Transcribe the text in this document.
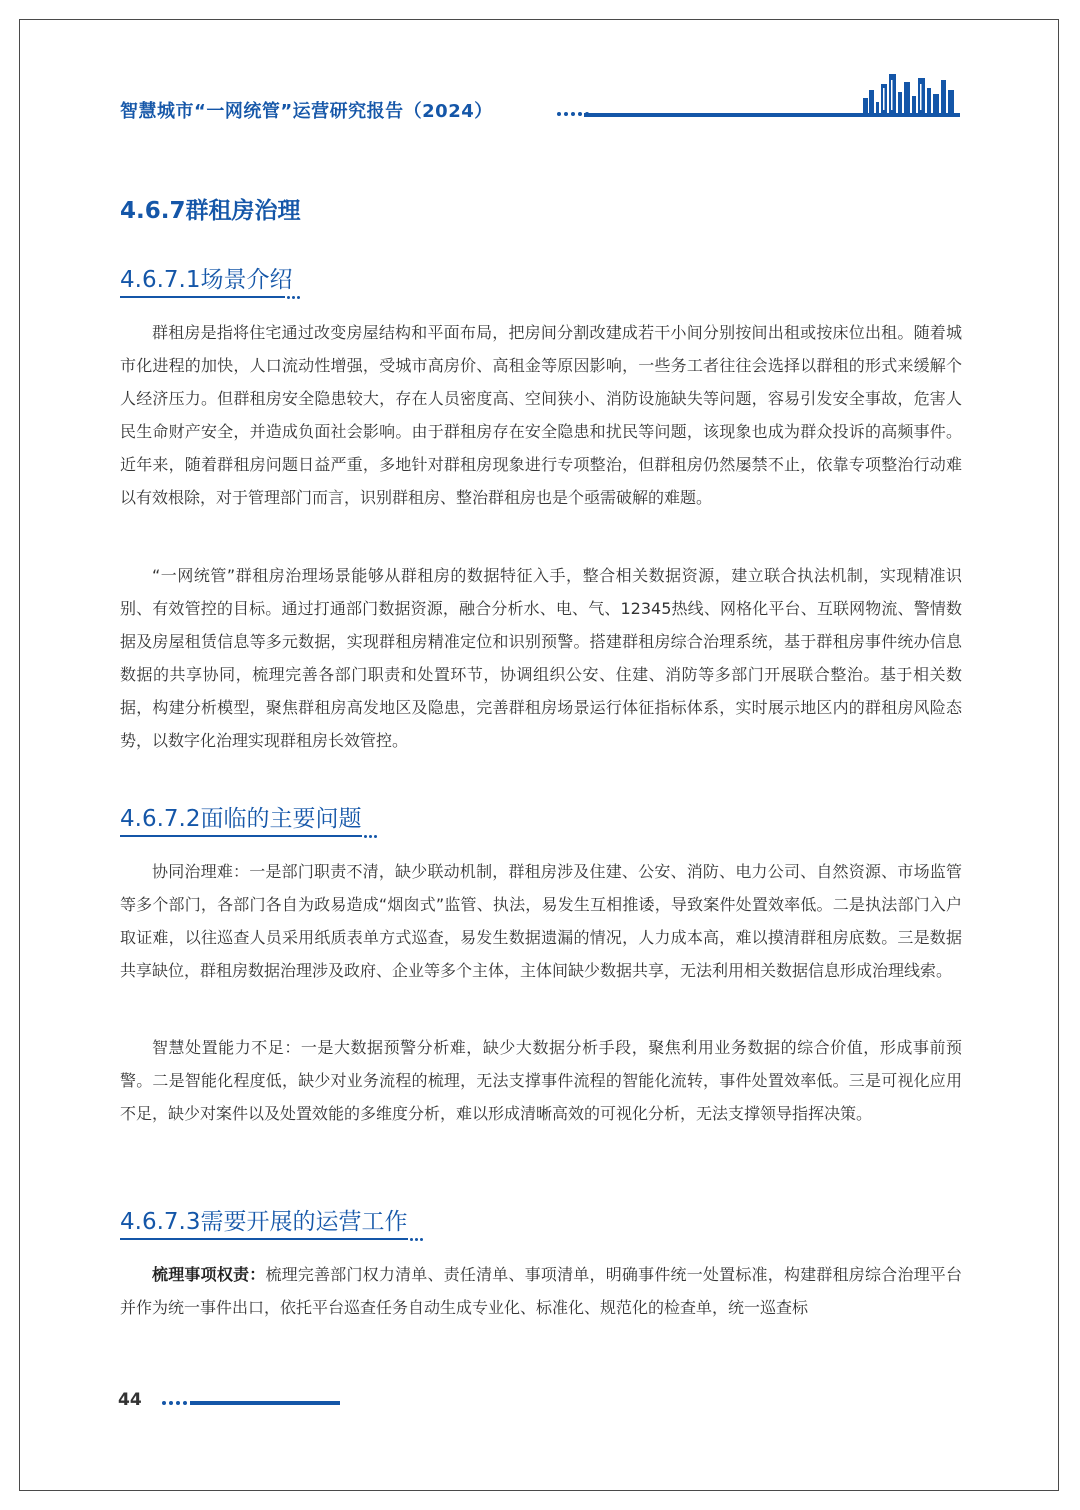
智慧城市“一网统管”运营研究报告（2024）
4.6.7群租房治理
4.6.7.1场景介绍

群租房是指将住宅通过改变房屋结构和平面布局，把房间分割改建成若干小间分别按间出租或按床位出租。随着城市化进程的加快，人口流动性增强，受城市高房价、高租金等原因影响，一些务工者往往会选择以群租的形式来缓解个人经济压力。但群租房安全隐患较大，存在人员密度高、空间狭小、消防设施缺失等问题，容易引发安全事故，危害人民生命财产安全，并造成负面社会影响。由于群租房存在安全隐患和扰民等问题，该现象也成为群众投诉的高频事件。近年来，随着群租房问题日益严重，多地针对群租房现象进行专项整治，但群租房仍然屡禁不止，依靠专项整治行动难以有效根除，对于管理部门而言，识别群租房、整治群租房也是个亟需破解的难题。

“一网统管”群租房治理场景能够从群租房的数据特征入手，整合相关数据资源，建立联合执法机制，实现精准识别、有效管控的目标。通过打通部门数据资源，融合分析水、电、气、12345热线、网格化平台、互联网物流、警情数据及房屋租赁信息等多元数据，实现群租房精准定位和识别预警。搭建群租房综合治理系统，基于群租房事件统办信息数据的共享协同，梳理完善各部门职责和处置环节，协调组织公安、住建、消防等多部门开展联合整治。基于相关数据，构建分析模型，聚焦群租房高发地区及隐患，完善群租房场景运行体征指标体系，实时展示地区内的群租房风险态势，以数字化治理实现群租房长效管控。

4.6.7.2面临的主要问题

协同治理难：一是部门职责不清，缺少联动机制，群租房涉及住建、公安、消防、电力公司、自然资源、市场监管等多个部门，各部门各自为政易造成“烟囱式”监管、执法，易发生互相推诿，导致案件处置效率低。二是执法部门入户取证难，以往巡查人员采用纸质表单方式巡查，易发生数据遗漏的情况，人力成本高，难以摸清群租房底数。三是数据共享缺位，群租房数据治理涉及政府、企业等多个主体，主体间缺少数据共享，无法利用相关数据信息形成治理线索。

智慧处置能力不足：一是大数据预警分析难，缺少大数据分析手段，聚焦利用业务数据的综合价值，形成事前预警。二是智能化程度低，缺少对业务流程的梳理，无法支撑事件流程的智能化流转，事件处置效率低。三是可视化应用不足，缺少对案件以及处置效能的多维度分析，难以形成清晰高效的可视化分析，无法支撑领导指挥决策。

4.6.7.3需要开展的运营工作

梳理事项权责：梳理完善部门权力清单、责任清单、事项清单，明确事件统一处置标准，构建群租房综合治理平台并作为统一事件出口，依托平台巡查任务自动生成专业化、标准化、规范化的检查单，统一巡查标

44
